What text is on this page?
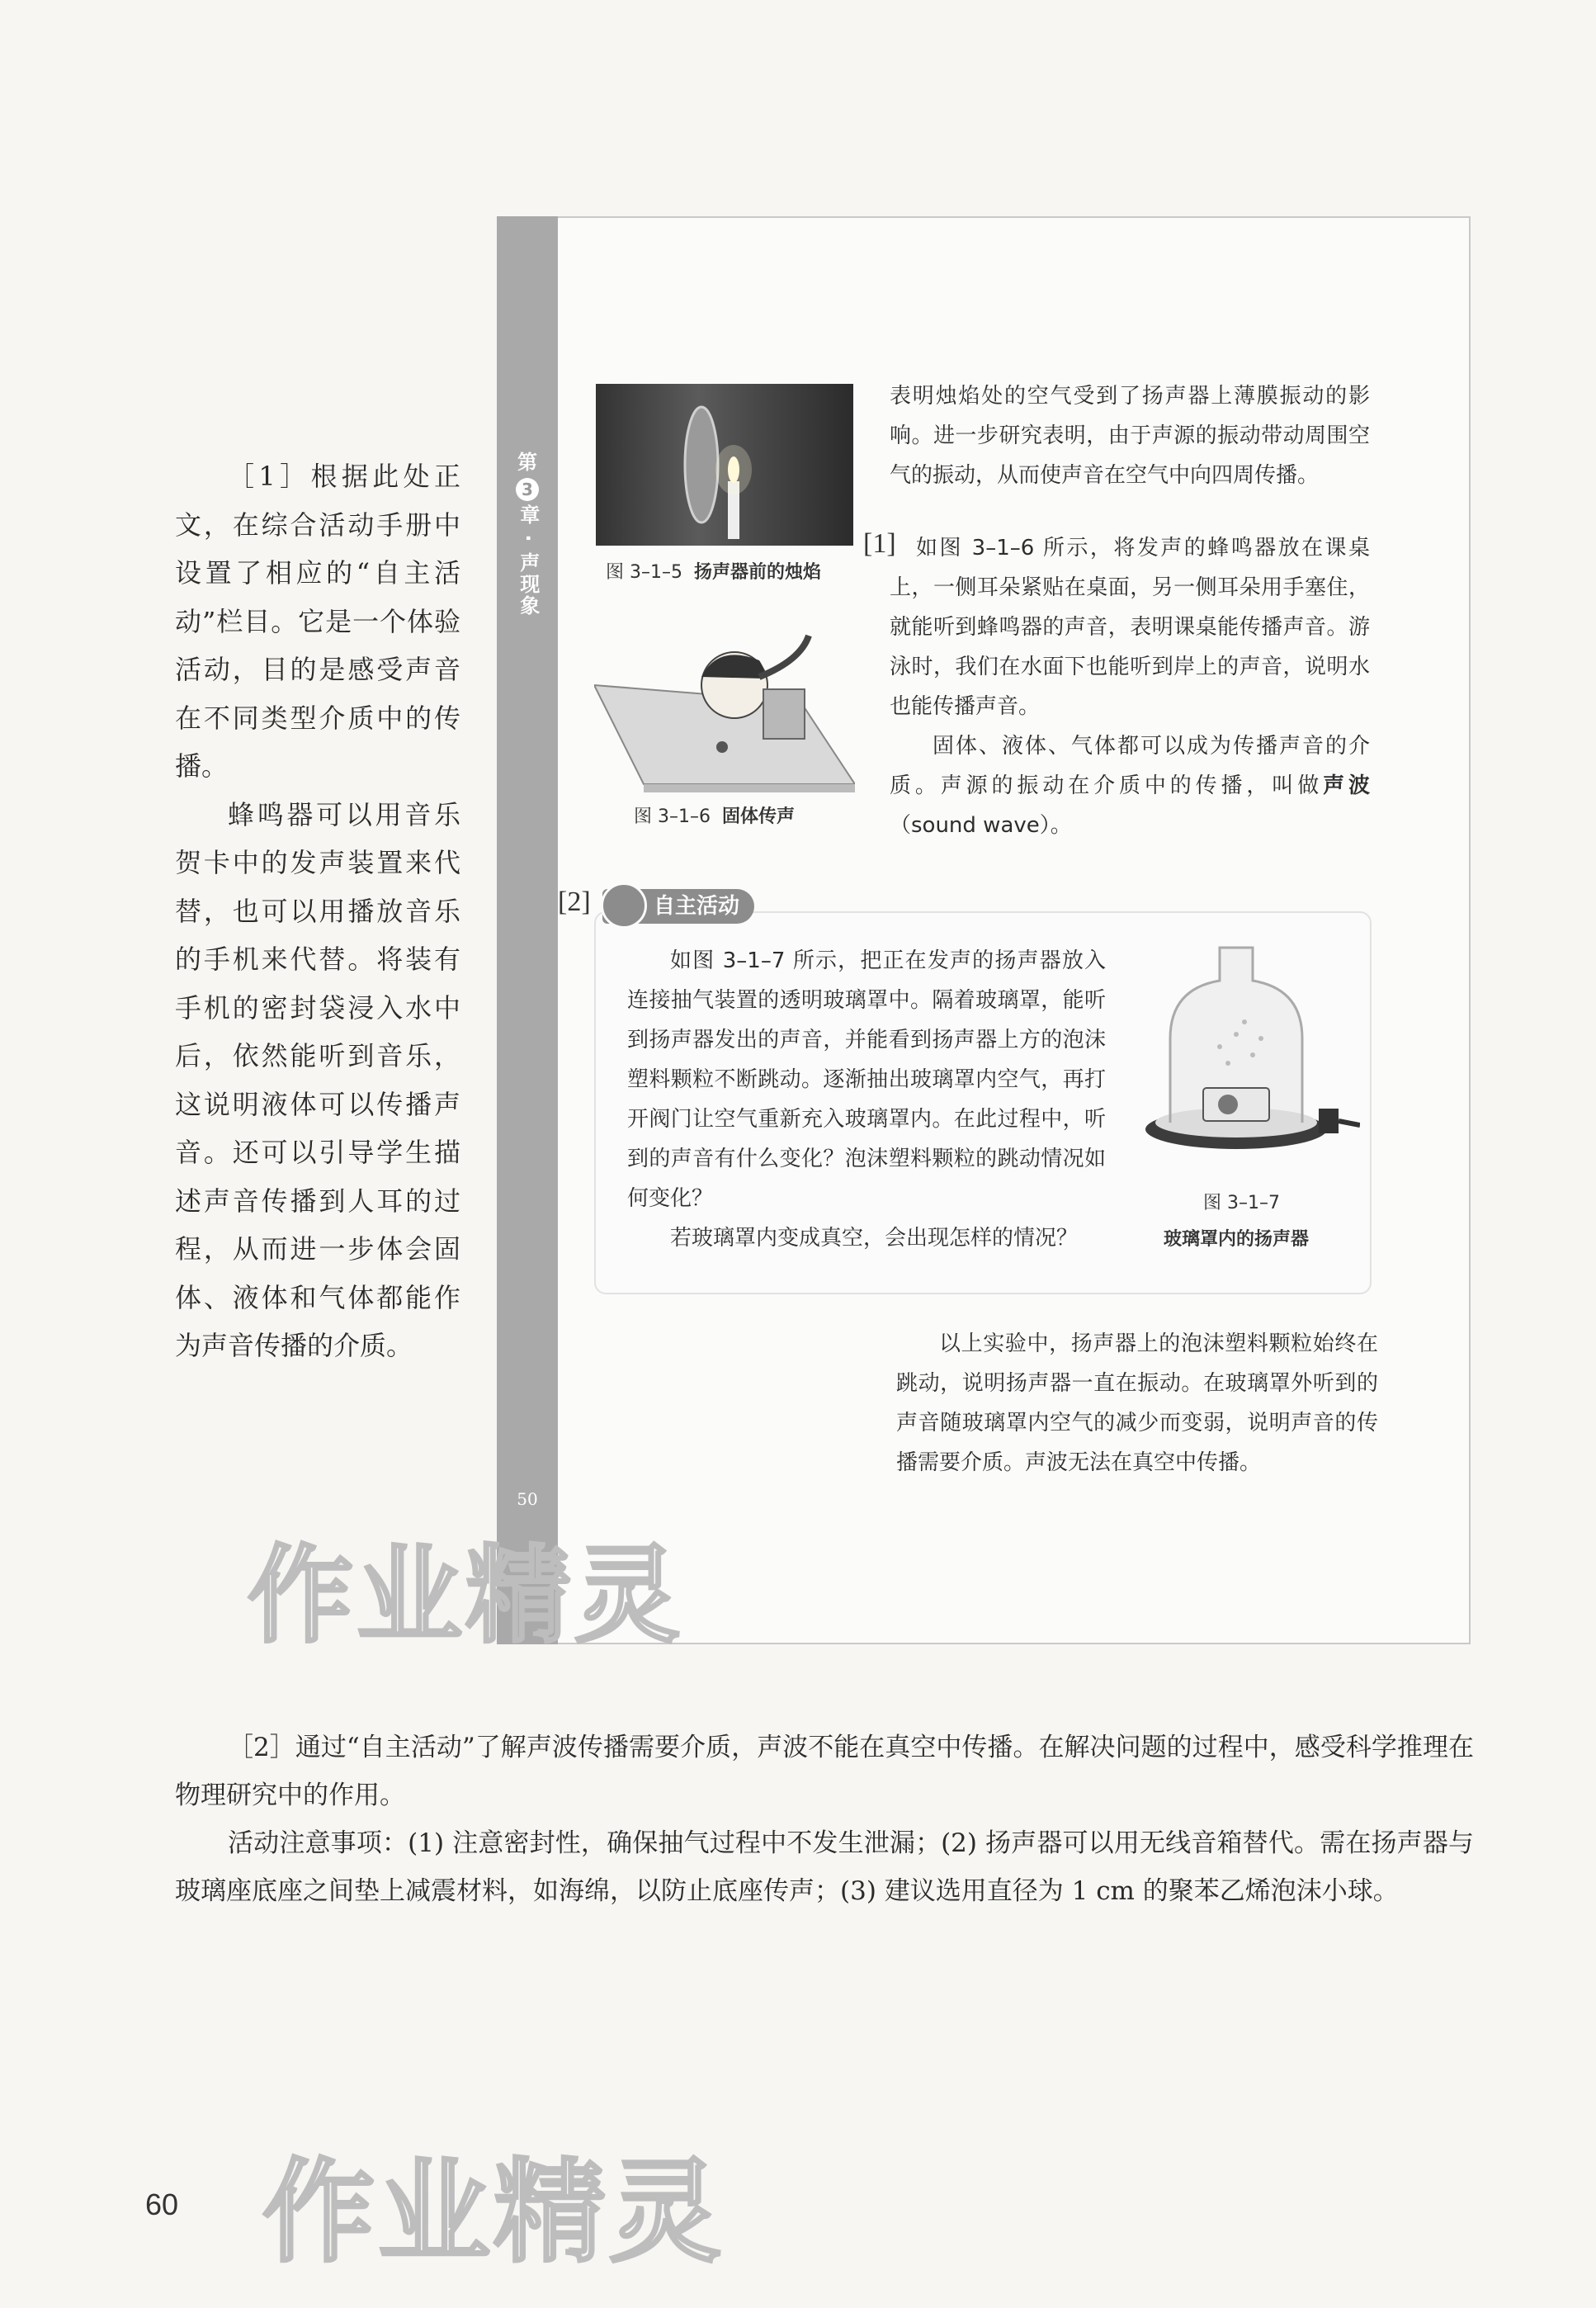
第
3
章 · 声现象
50
图 3–1–5 扬声器前的烛焰
图 3–1–6 固体传声

表明烛焰处的空气受到了扬声器上薄膜振动的影响。进一步研究表明，由于声源的振动带动周围空气的振动，从而使声音在空气中向四周传播。

[1] 如图 3–1–6 所示，将发声的蜂鸣器放在课桌上，一侧耳朵紧贴在桌面，另一侧耳朵用手塞住，就能听到蜂鸣器的声音，表明课桌能传播声音。游泳时，我们在水面下也能听到岸上的声音，说明水也能传播声音。

固体、液体、气体都可以成为传播声音的介质。声源的振动在介质中的传播，叫做声波（sound wave）。

[2]	自主活动

如图 3–1–7 所示，把正在发声的扬声器放入连接抽气装置的透明玻璃罩中。隔着玻璃罩，能听到扬声器发出的声音，并能看到扬声器上方的泡沫塑料颗粒不断跳动。逐渐抽出玻璃罩内空气，再打开阀门让空气重新充入玻璃罩内。在此过程中，听到的声音有什么变化？泡沫塑料颗粒的跳动情况如何变化？

若玻璃罩内变成真空，会出现怎样的情况？

图 3–1–7
玻璃罩内的扬声器

以上实验中，扬声器上的泡沫塑料颗粒始终在跳动，说明扬声器一直在振动。在玻璃罩外听到的声音随玻璃罩内空气的减少而变弱，说明声音的传播需要介质。声波无法在真空中传播。

［1］根据此处正文，在综合活动手册中设置了相应的“自主活动”栏目。它是一个体验活动，目的是感受声音在不同类型介质中的传播。

蜂鸣器可以用音乐贺卡中的发声装置来代替，也可以用播放音乐的手机来代替。将装有手机的密封袋浸入水中后，依然能听到音乐，这说明液体可以传播声音。还可以引导学生描述声音传播到人耳的过程，从而进一步体会固体、液体和气体都能作为声音传播的介质。

［2］通过“自主活动”了解声波传播需要介质，声波不能在真空中传播。在解决问题的过程中，感受科学推理在物理研究中的作用。

活动注意事项：(1) 注意密封性，确保抽气过程中不发生泄漏；(2) 扬声器可以用无线音箱替代。需在扬声器与玻璃座底座之间垫上减震材料，如海绵，以防止底座传声；(3) 建议选用直径为 1 cm 的聚苯乙烯泡沫小球。

作业精灵
作业精灵
60
